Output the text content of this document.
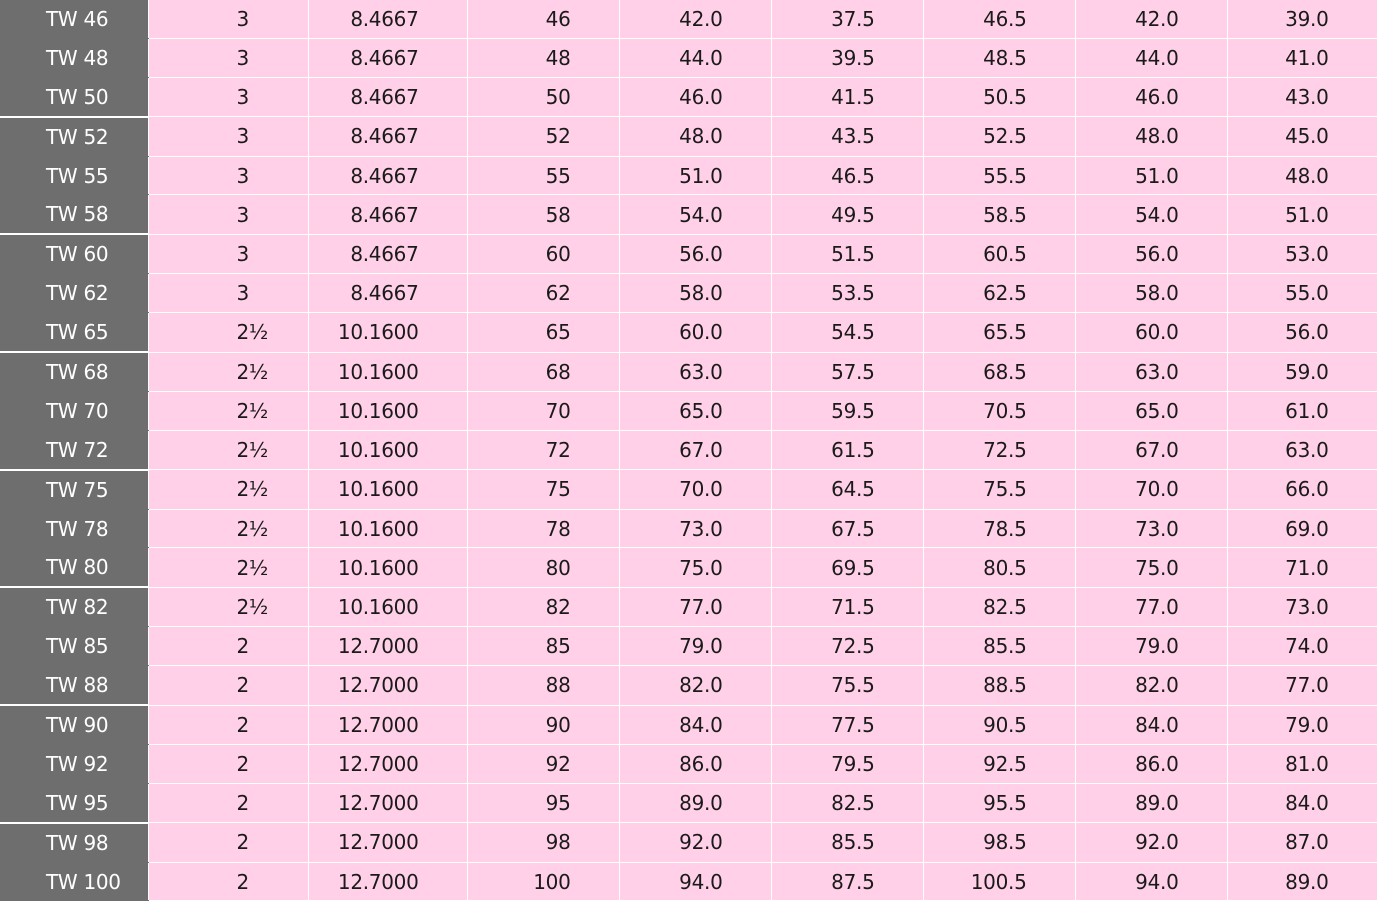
TW 46	3	8.4667	46	42.0	37.5	46.5	42.0	39.0
TW 48	3	8.4667	48	44.0	39.5	48.5	44.0	41.0
TW 50	3	8.4667	50	46.0	41.5	50.5	46.0	43.0
TW 52	3	8.4667	52	48.0	43.5	52.5	48.0	45.0
TW 55	3	8.4667	55	51.0	46.5	55.5	51.0	48.0
TW 58	3	8.4667	58	54.0	49.5	58.5	54.0	51.0
TW 60	3	8.4667	60	56.0	51.5	60.5	56.0	53.0
TW 62	3	8.4667	62	58.0	53.5	62.5	58.0	55.0
TW 65	2½	10.1600	65	60.0	54.5	65.5	60.0	56.0
TW 68	2½	10.1600	68	63.0	57.5	68.5	63.0	59.0
TW 70	2½	10.1600	70	65.0	59.5	70.5	65.0	61.0
TW 72	2½	10.1600	72	67.0	61.5	72.5	67.0	63.0
TW 75	2½	10.1600	75	70.0	64.5	75.5	70.0	66.0
TW 78	2½	10.1600	78	73.0	67.5	78.5	73.0	69.0
TW 80	2½	10.1600	80	75.0	69.5	80.5	75.0	71.0
TW 82	2½	10.1600	82	77.0	71.5	82.5	77.0	73.0
TW 85	2	12.7000	85	79.0	72.5	85.5	79.0	74.0
TW 88	2	12.7000	88	82.0	75.5	88.5	82.0	77.0
TW 90	2	12.7000	90	84.0	77.5	90.5	84.0	79.0
TW 92	2	12.7000	92	86.0	79.5	92.5	86.0	81.0
TW 95	2	12.7000	95	89.0	82.5	95.5	89.0	84.0
TW 98	2	12.7000	98	92.0	85.5	98.5	92.0	87.0
TW 100	2	12.7000	100	94.0	87.5	100.5	94.0	89.0
